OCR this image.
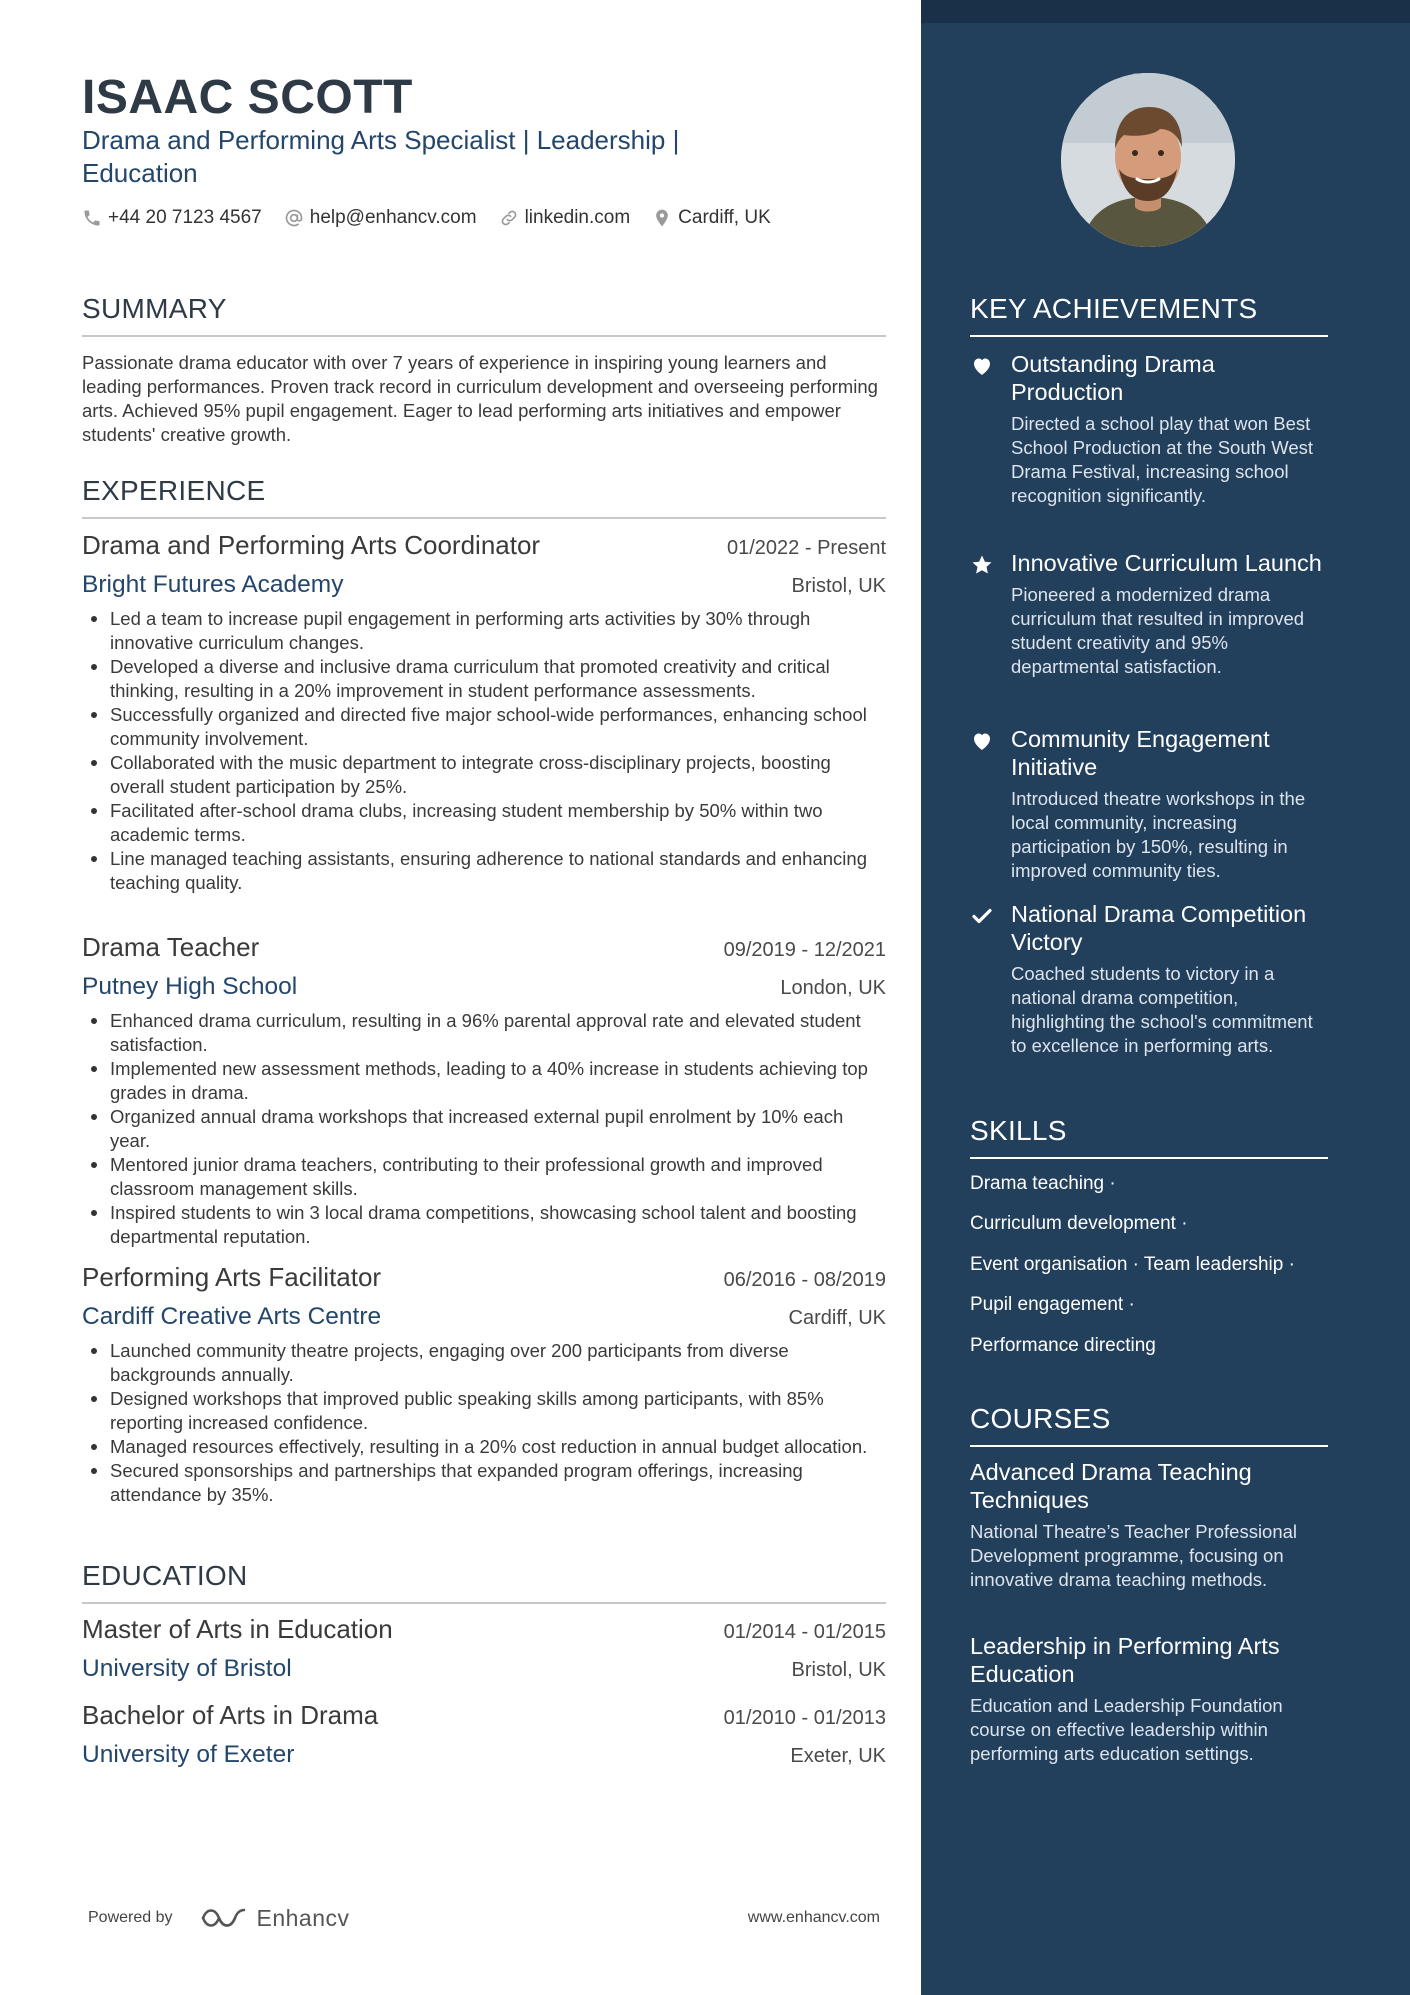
ISAAC SCOTT
Drama and Performing Arts Specialist | Leadership |
Education
+44 20 7123 4567	help@enhancv.com	linkedin.com	Cardiff, UK
SUMMARY
Passionate drama educator with over 7 years of experience in inspiring young learners and leading performances. Proven track record in curriculum development and overseeing performing arts. Achieved 95% pupil engagement. Eager to lead performing arts initiatives and empower students' creative growth.
EXPERIENCE
Drama and Performing Arts Coordinator	01/2022 - Present
Bright Futures Academy	Bristol, UK
Led a team to increase pupil engagement in performing arts activities by 30% through innovative curriculum changes.
Developed a diverse and inclusive drama curriculum that promoted creativity and critical thinking, resulting in a 20% improvement in student performance assessments.
Successfully organized and directed five major school-wide performances, enhancing school community involvement.
Collaborated with the music department to integrate cross-disciplinary projects, boosting overall student participation by 25%.
Facilitated after-school drama clubs, increasing student membership by 50% within two academic terms.
Line managed teaching assistants, ensuring adherence to national standards and enhancing teaching quality.
Drama Teacher	09/2019 - 12/2021
Putney High School	London, UK
Enhanced drama curriculum, resulting in a 96% parental approval rate and elevated student satisfaction.
Implemented new assessment methods, leading to a 40% increase in students achieving top grades in drama.
Organized annual drama workshops that increased external pupil enrolment by 10% each year.
Mentored junior drama teachers, contributing to their professional growth and improved classroom management skills.
Inspired students to win 3 local drama competitions, showcasing school talent and boosting departmental reputation.
Performing Arts Facilitator	06/2016 - 08/2019
Cardiff Creative Arts Centre	Cardiff, UK
Launched community theatre projects, engaging over 200 participants from diverse backgrounds annually.
Designed workshops that improved public speaking skills among participants, with 85% reporting increased confidence.
Managed resources effectively, resulting in a 20% cost reduction in annual budget allocation.
Secured sponsorships and partnerships that expanded program offerings, increasing attendance by 35%.
EDUCATION
Master of Arts in Education	01/2014 - 01/2015
University of Bristol	Bristol, UK
Bachelor of Arts in Drama	01/2010 - 01/2013
University of Exeter	Exeter, UK
Powered by	Enhancv	www.enhancv.com
KEY ACHIEVEMENTS
Outstanding Drama Production
Directed a school play that won Best School Production at the South West Drama Festival, increasing school recognition significantly.
Innovative Curriculum Launch
Pioneered a modernized drama curriculum that resulted in improved student creativity and 95% departmental satisfaction.
Community Engagement Initiative
Introduced theatre workshops in the local community, increasing participation by 150%, resulting in improved community ties.
National Drama Competition Victory
Coached students to victory in a national drama competition, highlighting the school's commitment to excellence in performing arts.
SKILLS
Drama teaching ·
Curriculum development ·
Event organisation · Team leadership ·
Pupil engagement ·
Performance directing
COURSES
Advanced Drama Teaching Techniques
National Theatre’s Teacher Professional Development programme, focusing on innovative drama teaching methods.
Leadership in Performing Arts Education
Education and Leadership Foundation course on effective leadership within performing arts education settings.
